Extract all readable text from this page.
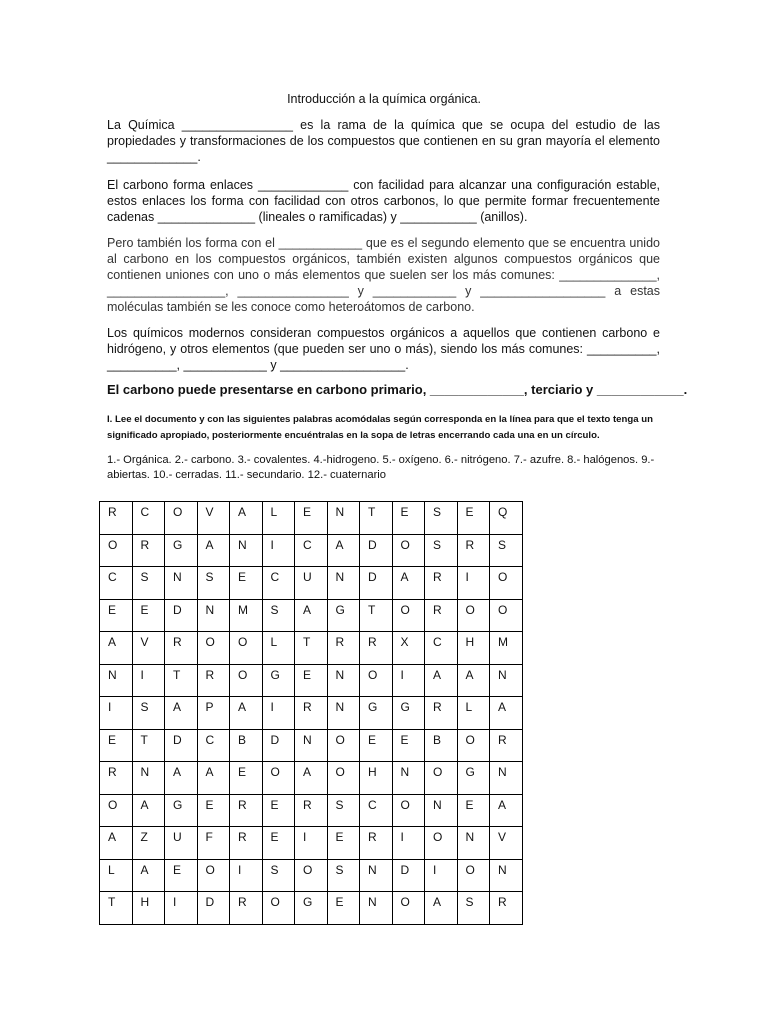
Introducción a la química orgánica.

La Química ________________ es la rama de la química que se ocupa del estudio de las propiedades y transformaciones de los compuestos que contienen en su gran mayoría el elemento _____________.

El carbono forma enlaces _____________ con facilidad para alcanzar una configuración estable, estos enlaces los forma con facilidad con otros carbonos, lo que permite formar frecuentemente cadenas ______________ (lineales o ramificadas) y ___________ (anillos).

Pero también los forma con el ____________ que es el segundo elemento que se encuentra unido al carbono en los compuestos orgánicos, también existen algunos compuestos orgánicos que contienen uniones con uno o más elementos que suelen ser los más comunes: ______________, _________________, ________________ y ____________ y __________________ a estas moléculas también se les conoce como heteroátomos de carbono.

Los químicos modernos consideran compuestos orgánicos a aquellos que contienen carbono e hidrógeno, y otros elementos (que pueden ser uno o más), siendo los más comunes: __________, __________, ____________ y __________________.

El carbono puede presentarse en carbono primario, _____________, terciario y ____________.

I. Lee el documento y con las siguientes palabras acomódalas según corresponda en la línea para que el texto tenga un significado apropiado, posteriormente encuéntralas en la sopa de letras encerrando cada una en un círculo.

1.- Orgánica. 2.- carbono. 3.- covalentes. 4.-hidrogeno. 5.- oxígeno. 6.- nitrógeno. 7.- azufre. 8.- halógenos. 9.- abiertas. 10.- cerradas. 11.- secundario. 12.- cuaternario

R	C	O	V	A	L	E	N	T	E	S	E	Q

O	R	G	A	N	I	C	A	D	O	S	R	S

C	S	N	S	E	C	U	N	D	A	R	I	O

E	E	D	N	M	S	A	G	T	O	R	O	O

A	V	R	O	O	L	T	R	R	X	C	H	M

N	I	T	R	O	G	E	N	O	I	A	A	N

I	S	A	P	A	I	R	N	G	G	R	L	A

E	T	D	C	B	D	N	O	E	E	B	O	R

R	N	A	A	E	O	A	O	H	N	O	G	N

O	A	G	E	R	E	R	S	C	O	N	E	A

A	Z	U	F	R	E	I	E	R	I	O	N	V

L	A	E	O	I	S	O	S	N	D	I	O	N

T	H	I	D	R	O	G	E	N	O	A	S	R
